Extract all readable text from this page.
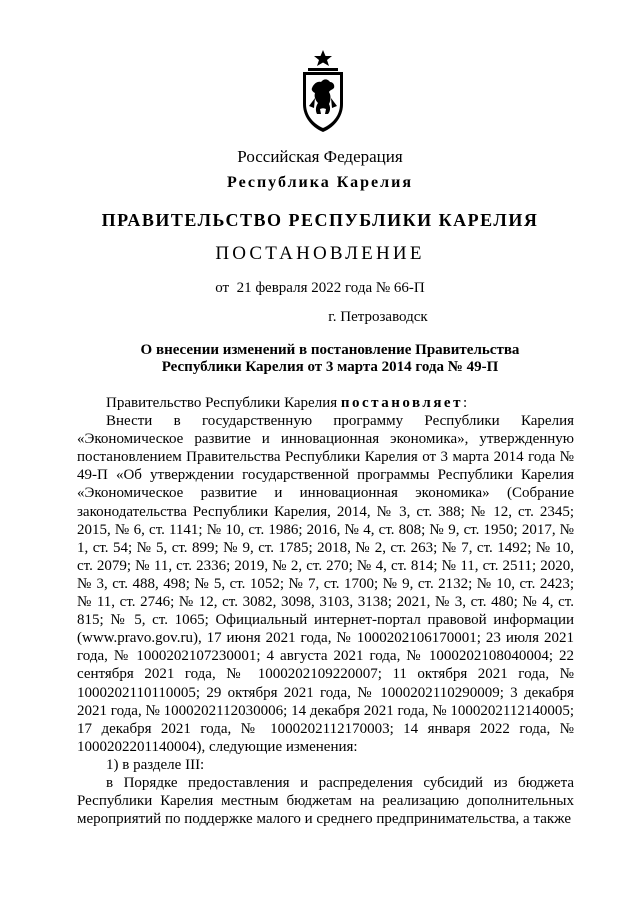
Российская Федерация
Республика Карелия
ПРАВИТЕЛЬСТВО РЕСПУБЛИКИ КАРЕЛИЯ
ПОСТАНОВЛЕНИЕ
от  21 февраля 2022 года № 66-П
г. Петрозаводск
О внесении изменений в постановление Правительства
Республики Карелия от 3 марта 2014 года № 49-П

Правительство Республики Карелия постановляет:

Внести в государственную программу Республики Карелия «Экономическое развитие и инновационная экономика», утвержденную постановлением Правительства Республики Карелия от 3 марта 2014 года № 49-П «Об утверждении государственной программы Республики Карелия «Экономическое развитие и инновационная экономика» (Собрание законодательства Республики Карелия, 2014, № 3, ст. 388; № 12, ст. 2345; 2015, № 6, ст. 1141; № 10, ст. 1986; 2016, № 4, ст. 808; № 9, ст. 1950; 2017, № 1, ст. 54; № 5, ст. 899; № 9, ст. 1785; 2018, № 2, ст. 263; № 7, ст. 1492; № 10, ст. 2079; № 11, ст. 2336; 2019, № 2, ст. 270; № 4, ст. 814; № 11, ст. 2511; 2020, № 3, ст. 488, 498; № 5, ст. 1052; № 7, ст. 1700; № 9, ст. 2132; № 10, ст. 2423; № 11, ст. 2746; № 12, ст. 3082, 3098, 3103, 3138; 2021, № 3, ст. 480; № 4, ст. 815; № 5, ст. 1065; Официальный интернет-портал правовой информации (www.pravo.gov.ru), 17 июня 2021 года, № 1000202106170001; 23 июля 2021 года, № 1000202107230001; 4 августа 2021 года, № 1000202108040004; 22 сентября 2021 года, № 1000202109220007; 11 октября 2021 года, № 1000202110110005; 29 октября 2021 года, № 1000202110290009; 3 декабря 2021 года, № 1000202112030006; 14 декабря 2021 года, № 1000202112140005; 17 декабря 2021 года, № 1000202112170003; 14 января 2022 года, № 1000202201140004), следующие изменения:

1) в разделе III:

в Порядке предоставления и распределения субсидий из бюджета Республики Карелия местным бюджетам на реализацию дополнительных мероприятий по поддержке малого и среднего предпринимательства, а также
